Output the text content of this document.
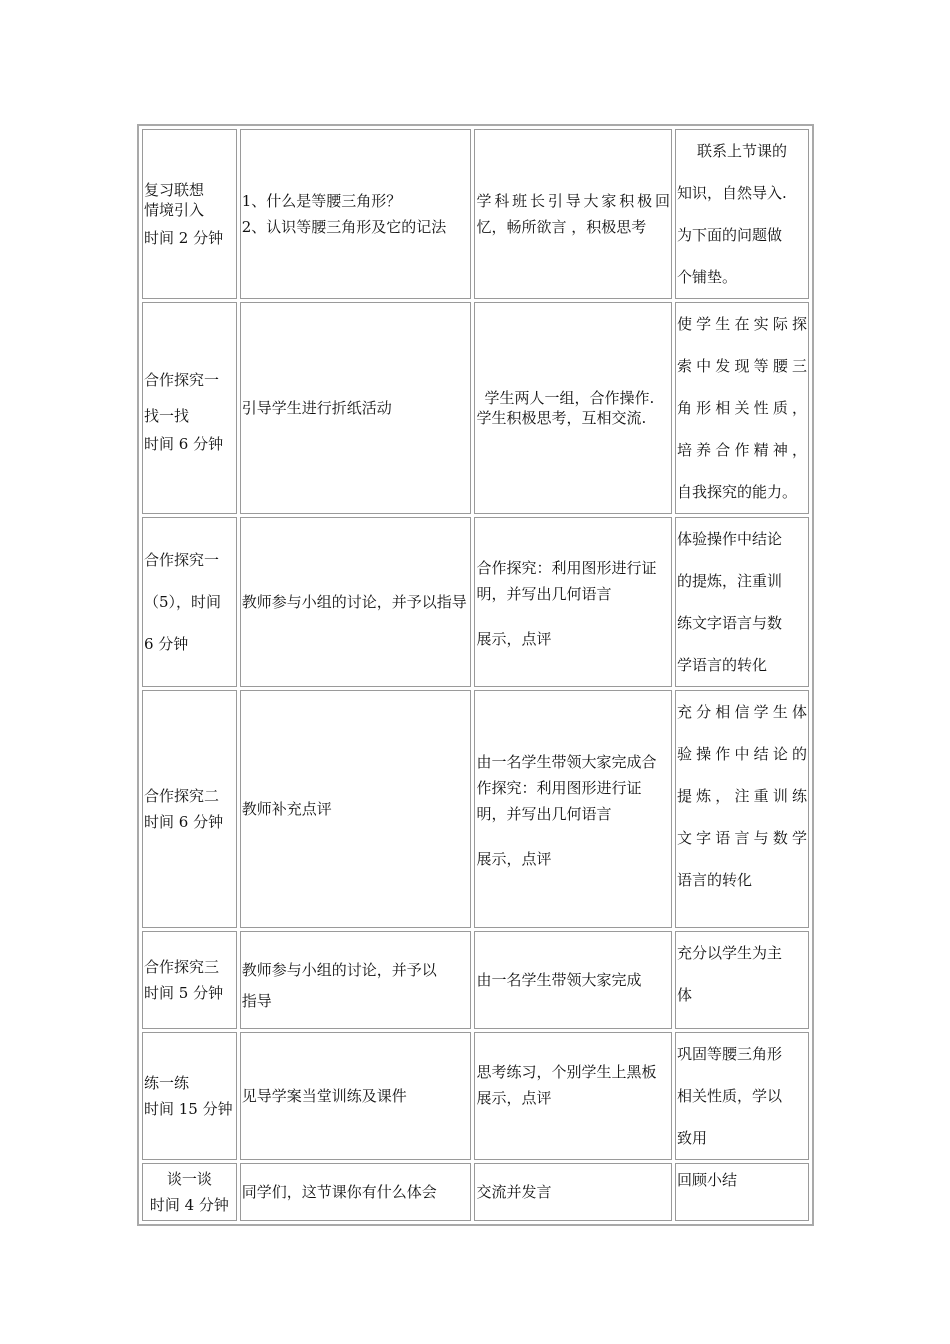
复习联想
情境引入
时间 2 分钟	1、什么是等腰三角形？
2、认识等腰三角形及它的记法	学科班长引导大家积极回忆，畅所欲言 ，积极思考	联系上节课的
知识，自然导入.
为下面的问题做
个铺垫。

合作探究一
找一找
时间 6 分钟	引导学生进行折纸活动	学生两人一组，合作操作.
学生积极思考，互相交流.	使学生在实际探
索中发现等腰三
角形相关性质，
培养合作精神，
自我探究的能力。

合作探究一
（5），时间
6 分钟	教师参与小组的讨论，并予以指导	合作探究：利用图形进行证明，并写出几何语言
展示，点评	体验操作中结论
的提炼，注重训
练文字语言与数
学语言的转化

合作探究二
时间 6 分钟	教师补充点评	由一名学生带领大家完成合作探究：利用图形进行证明，并写出几何语言
展示，点评	充分相信学生体
验操作中结论的
提炼，注重训练
文字语言与数学
语言的转化

合作探究三
时间 5 分钟	教师参与小组的讨论，并予以
指导	由一名学生带领大家完成	充分以学生为主
体

练一练
时间 15 分钟	见导学案当堂训练及课件	思考练习，个别学生上黑板展示，点评	巩固等腰三角形
相关性质，学以
致用

谈一谈
时间 4 分钟	同学们，这节课你有什么体会	交流并发言	回顾小结
